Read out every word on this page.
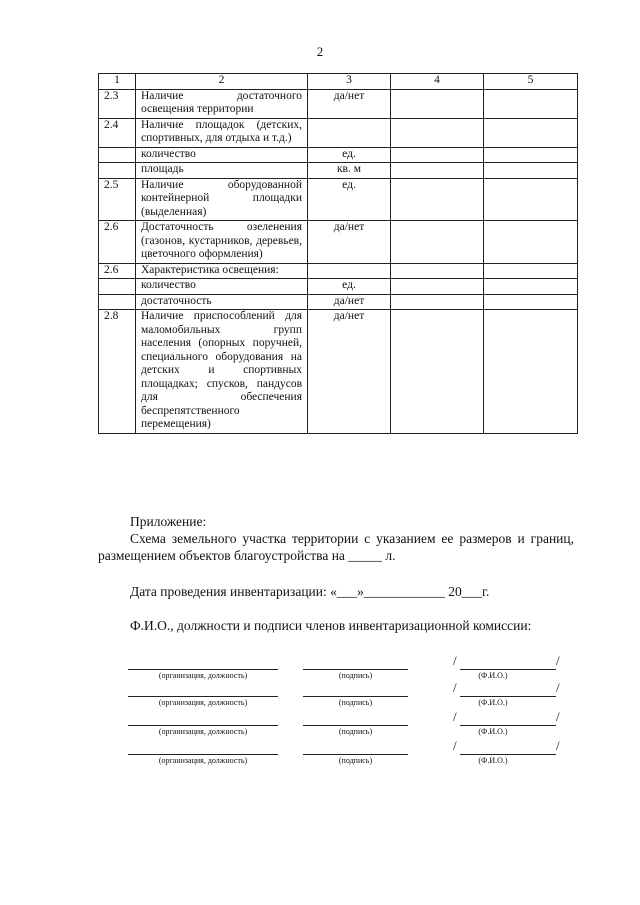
2
1	2	3	4	5
2.3	Наличие достаточного освещения территории	да/нет		
2.4	Наличие площадок (детских, спортивных, для отдыха и т.д.)			
	количество	ед.		
	площадь	кв. м		
2.5	Наличие оборудованной контейнерной площадки (выделенная)	ед.		
2.6	Достаточность озеленения (газонов, кустарников, деревьев, цветочного оформления)	да/нет		
2.6	Характеристика освещения:			
	количество	ед.		
	достаточность	да/нет		
2.8	Наличие приспособлений для маломобильных групп населения (опорных поручней, специального оборудования на детских и спортивных площадках; спусков, пандусов для обеспечения беспрепятственного перемещения)	да/нет		

Приложение:

Схема земельного участка территории с указанием ее размеров и границ, размещением объектов благоустройства на _____ л.

Дата проведения инвентаризации: «___»____________ 20___г.
Ф.И.О., должности и подписи членов инвентаризационной комиссии:
(организация, должность)	(подпись)
/	/
(Ф.И.О.)
(организация, должность)	(подпись)
/	/
(Ф.И.О.)
(организация, должность)	(подпись)
/	/
(Ф.И.О.)
(организация, должность)	(подпись)
/	/
(Ф.И.О.)
